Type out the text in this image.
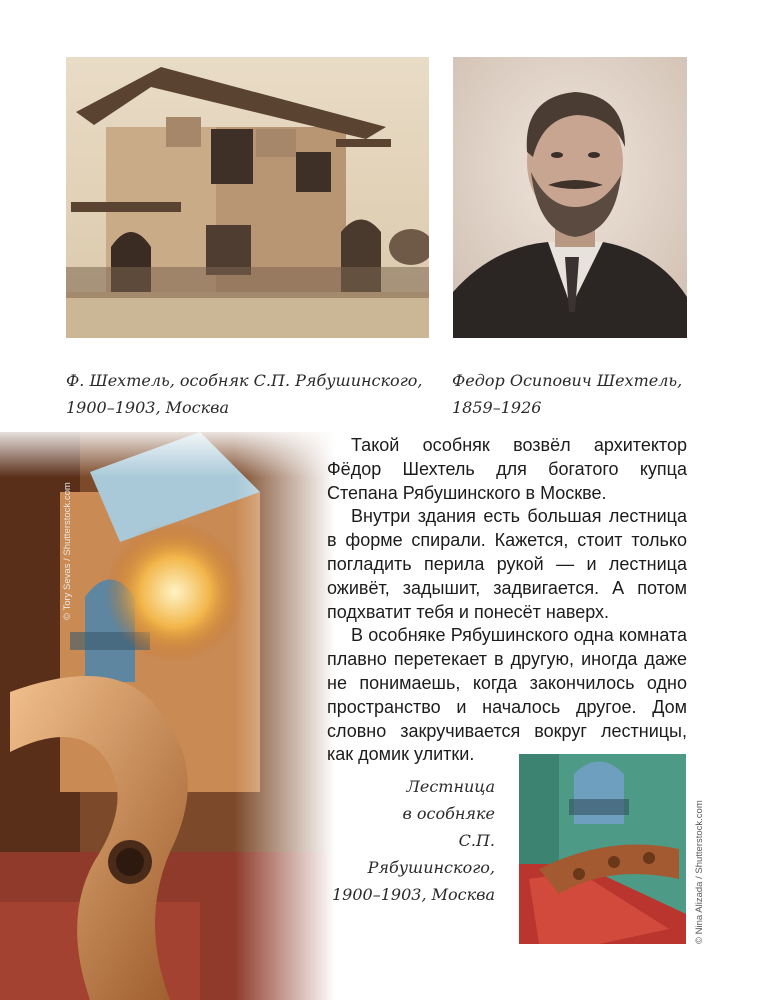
Ф. Шехтель, особняк С.П. Рябушинского,
1900–1903, Москва

Федор Осипович Шехтель,
1859–1926

© Tory Sevas / Shutterstock.com

Такой особняк возвёл архитектор Фёдор Шехтель для богатого купца Степана Рябушинского в Москве.

Внутри здания есть большая лестница в форме спирали. Кажется, стоит только погладить перила рукой — и лестница оживёт, задышит, задвигается. А потом подхватит тебя и понесёт наверх.

В особняке Рябушинского одна комната плавно перетекает в другую, иногда даже не понимаешь, когда закончилось одно пространство и началось другое. Дом словно закручивается вокруг лестницы, как домик улитки.

Лестница
в особняке
С.П. Рябушинского,
1900–1903, Москва	© Nina Alizada / Shutterstock.com
